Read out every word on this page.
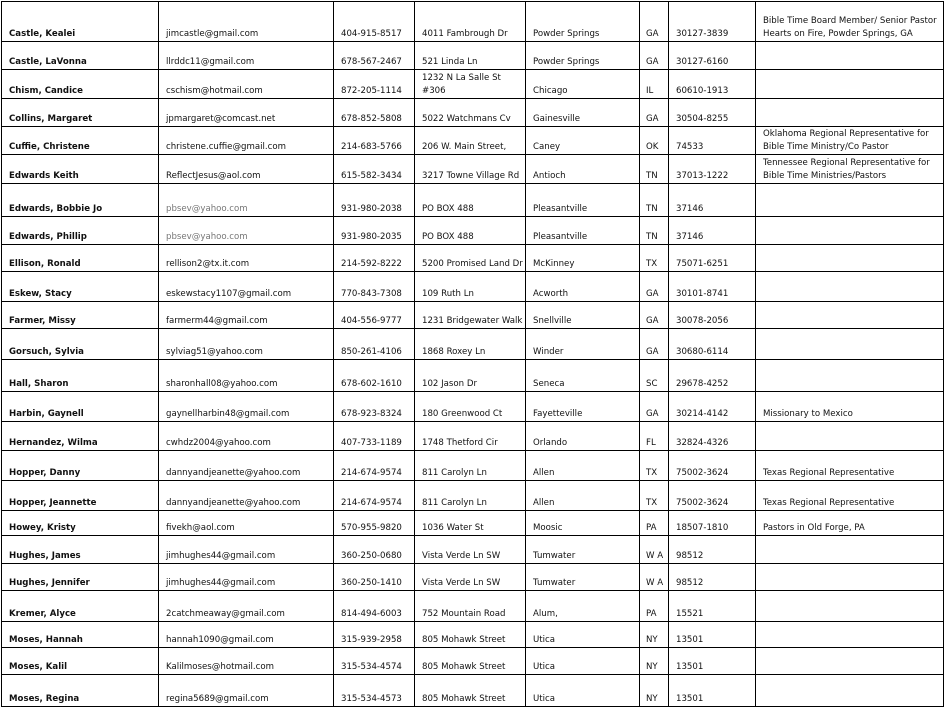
Castle, Kealei	jimcastle@gmail.com	404-915-8517	4011 Fambrough Dr	Powder Springs	GA	30127-3839	Bible Time Board Member/ Senior Pastor Hearts on Fire, Powder Springs, GA
Castle, LaVonna	llrddc11@gmail.com	678-567-2467	521 Linda Ln	Powder Springs	GA	30127-6160	
Chism, Candice	cschism@hotmail.com	872-205-1114	1232 N La Salle St #306	Chicago	IL	60610-1913	
Collins, Margaret	jpmargaret@comcast.net	678-852-5808	5022 Watchmans Cv	Gainesville	GA	30504-8255	
Cuffie, Christene	christene.cuffie@gmail.com	214-683-5766	206 W. Main Street,	Caney	OK	74533	Oklahoma Regional Representative for Bible Time Ministry/Co Pastor
Edwards Keith	ReflectJesus@aol.com	615-582-3434	3217 Towne Village Rd	Antioch	TN	37013-1222	Tennessee Regional Representative for Bible Time Ministries/Pastors
Edwards, Bobbie Jo	pbsev@yahoo.com	931-980-2038	PO BOX 488	Pleasantville	TN	37146	
Edwards, Phillip	pbsev@yahoo.com	931-980-2035	PO BOX 488	Pleasantville	TN	37146	
Ellison, Ronald	rellison2@tx.it.com	214-592-8222	5200 Promised Land Dr	McKinney	TX	75071-6251	
Eskew, Stacy	eskewstacy1107@gmail.com	770-843-7308	109 Ruth Ln	Acworth	GA	30101-8741	
Farmer, Missy	farmerm44@gmail.com	404-556-9777	1231 Bridgewater Walk	Snellville	GA	30078-2056	
Gorsuch, Sylvia	sylviag51@yahoo.com	850-261-4106	1868 Roxey Ln	Winder	GA	30680-6114	
Hall, Sharon	sharonhall08@yahoo.com	678-602-1610	102 Jason Dr	Seneca	SC	29678-4252	
Harbin, Gaynell	gaynellharbin48@gmail.com	678-923-8324	180 Greenwood Ct	Fayetteville	GA	30214-4142	Missionary to Mexico
Hernandez, Wilma	cwhdz2004@yahoo.com	407-733-1189	1748 Thetford Cir	Orlando	FL	32824-4326	
Hopper, Danny	dannyandjeanette@yahoo.com	214-674-9574	811 Carolyn Ln	Allen	TX	75002-3624	Texas Regional Representative
Hopper, Jeannette	dannyandjeanette@yahoo.com	214-674-9574	811 Carolyn Ln	Allen	TX	75002-3624	Texas Regional Representative
Howey, Kristy	fivekh@aol.com	570-955-9820	1036 Water St	Moosic	PA	18507-1810	Pastors in Old Forge, PA
Hughes, James	jimhughes44@gmail.com	360-250-0680	Vista Verde Ln SW	Tumwater	W A	98512	
Hughes, Jennifer	jimhughes44@gmail.com	360-250-1410	Vista Verde Ln SW	Tumwater	W A	98512	
Kremer, Alyce	2catchmeaway@gmail.com	814-494-6003	752 Mountain Road	Alum,	PA	15521	
Moses, Hannah	hannah1090@gmail.com	315-939-2958	805 Mohawk Street	Utica	NY	13501	
Moses, Kalil	Kalilmoses@hotmail.com	315-534-4574	805 Mohawk Street	Utica	NY	13501	
Moses, Regina	regina5689@gmail.com	315-534-4573	805 Mohawk Street	Utica	NY	13501	
